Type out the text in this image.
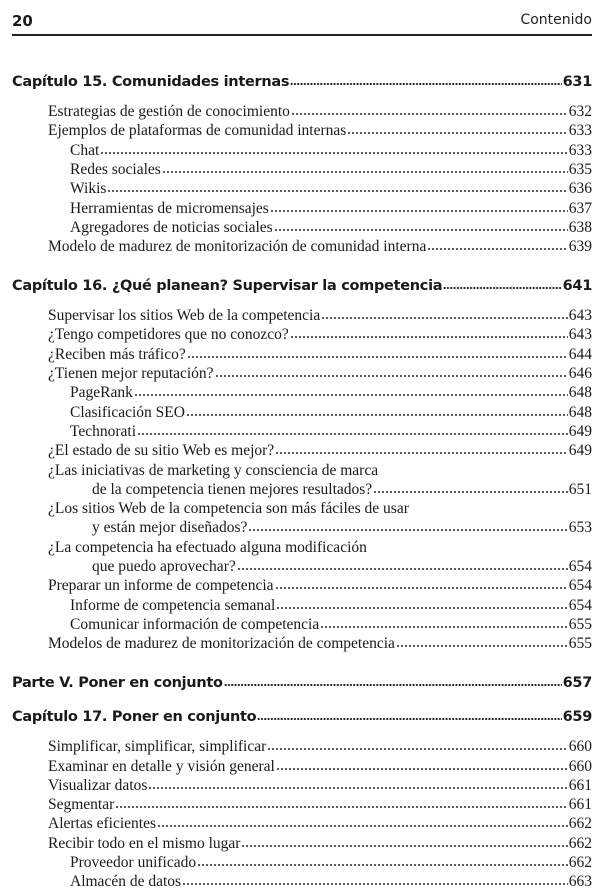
20	Contenido
Capítulo 15. Comunidades internas	631
Estrategias de gestión de conocimiento	632
Ejemplos de plataformas de comunidad internas	633
Chat	633
Redes sociales	635
Wikis	636
Herramientas de micromensajes	637
Agregadores de noticias sociales	638
Modelo de madurez de monitorización de comunidad interna	639
Capítulo 16. ¿Qué planean? Supervisar la competencia	641
Supervisar los sitios Web de la competencia	643
¿Tengo competidores que no conozco?	643
¿Reciben más tráfico?	644
¿Tienen mejor reputación?	646
PageRank	648
Clasificación SEO	648
Technorati	649
¿El estado de su sitio Web es mejor?	649
¿Las iniciativas de marketing y consciencia de marca
de la competencia tienen mejores resultados?	651
¿Los sitios Web de la competencia son más fáciles de usar
y están mejor diseñados?	653
¿La competencia ha efectuado alguna modificación
que puedo aprovechar?	654
Preparar un informe de competencia	654
Informe de competencia semanal	654
Comunicar información de competencia	655
Modelos de madurez de monitorización de competencia	655
Parte V. Poner en conjunto	657
Capítulo 17. Poner en conjunto	659
Simplificar, simplificar, simplificar	660
Examinar en detalle y visión general	660
Visualizar datos	661
Segmentar	661
Alertas eficientes	662
Recibir todo en el mismo lugar	662
Proveedor unificado	662
Almacén de datos	663
